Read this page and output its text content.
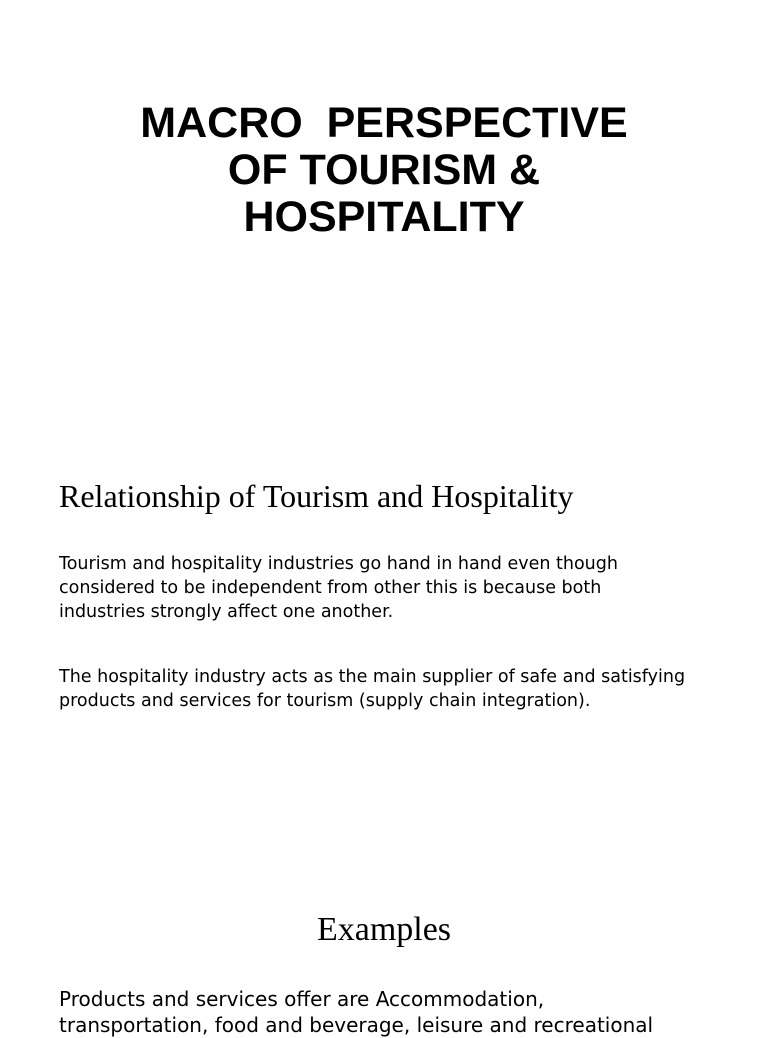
MACRO  PERSPECTIVE
OF TOURISM &
HOSPITALITY
Relationship of Tourism and Hospitality

Tourism and hospitality industries go hand in hand even though
considered to be independent from other this is because both
industries strongly affect one another.

The hospitality industry acts as the main supplier of safe and satisfying
products and services for tourism (supply chain integration).

Examples

Products and services offer are Accommodation,
transportation, food and beverage, leisure and recreational
